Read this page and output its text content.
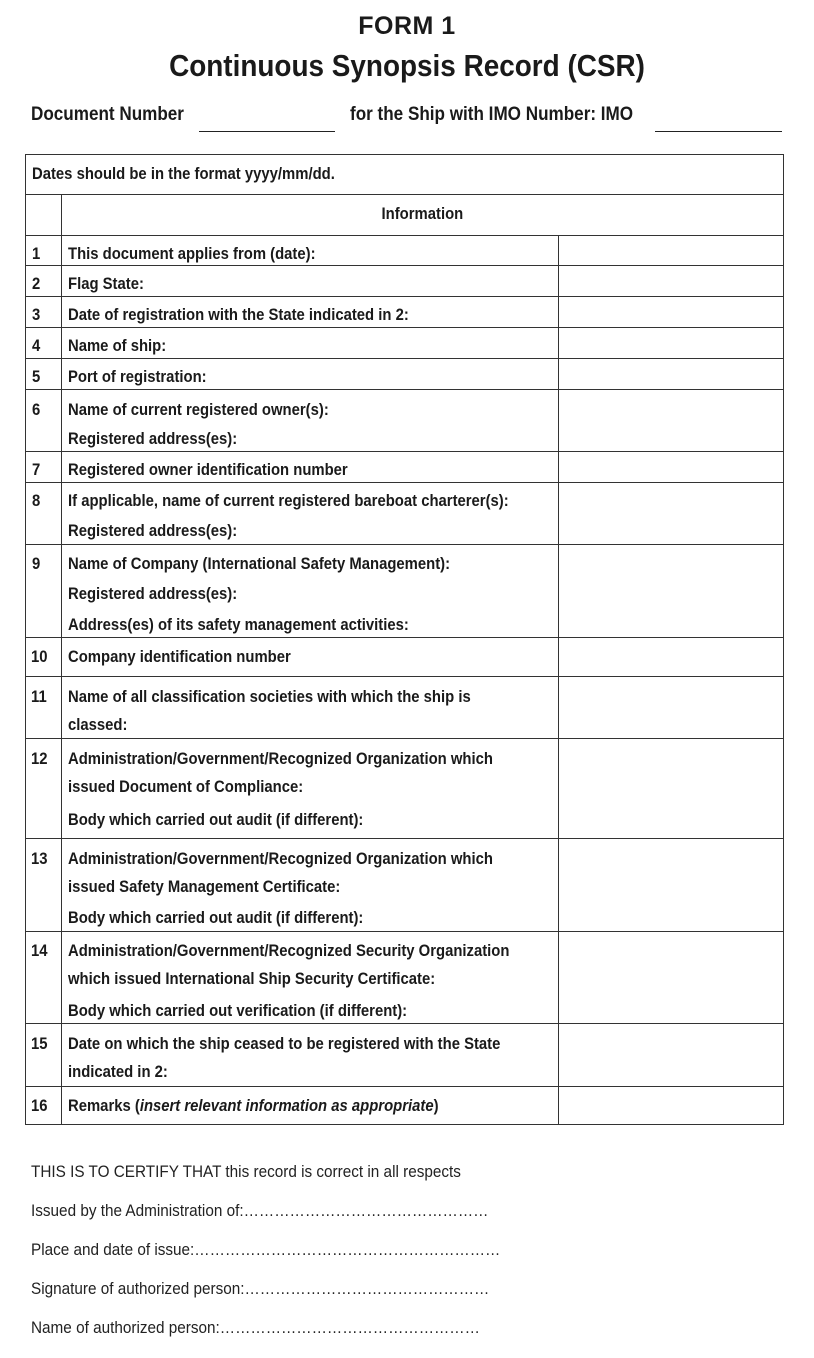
FORM 1
Continuous Synopsis Record (CSR)
Document Number	for the Ship with IMO Number: IMO
Dates should be in the format yyyy/mm/dd.		

	Information	

1	This document applies from (date):	

2	Flag State:	

3	Date of registration with the State indicated in 2:	

4	Name of ship:	

5	Port of registration:	

6	Name of current registered owner(s):
Registered address(es):	

7	Registered owner identification number	

8	If applicable, name of current registered bareboat charterer(s):
Registered address(es):	

9	Name of Company (International Safety Management):
Registered address(es):
Address(es) of its safety management activities:	

10	Company identification number	

11	Name of all classification societies with which the ship is
classed:	

12	Administration/Government/Recognized Organization which
issued Document of Compliance:
Body which carried out audit (if different):	

13	Administration/Government/Recognized Organization which
issued Safety Management Certificate:
Body which carried out audit (if different):	

14	Administration/Government/Recognized Security Organization
which issued International Ship Security Certificate:
Body which carried out verification (if different):	

15	Date on which the ship ceased to be registered with the State
indicated in 2:	

16	Remarks (insert relevant information as appropriate)	

THIS IS TO CERTIFY THAT this record is correct in all respects
Issued by the Administration of:…………………………………………
Place and date of issue:……………………………………………………
Signature of authorized person:…………………………………………
Name of authorized person:……………………………………………
